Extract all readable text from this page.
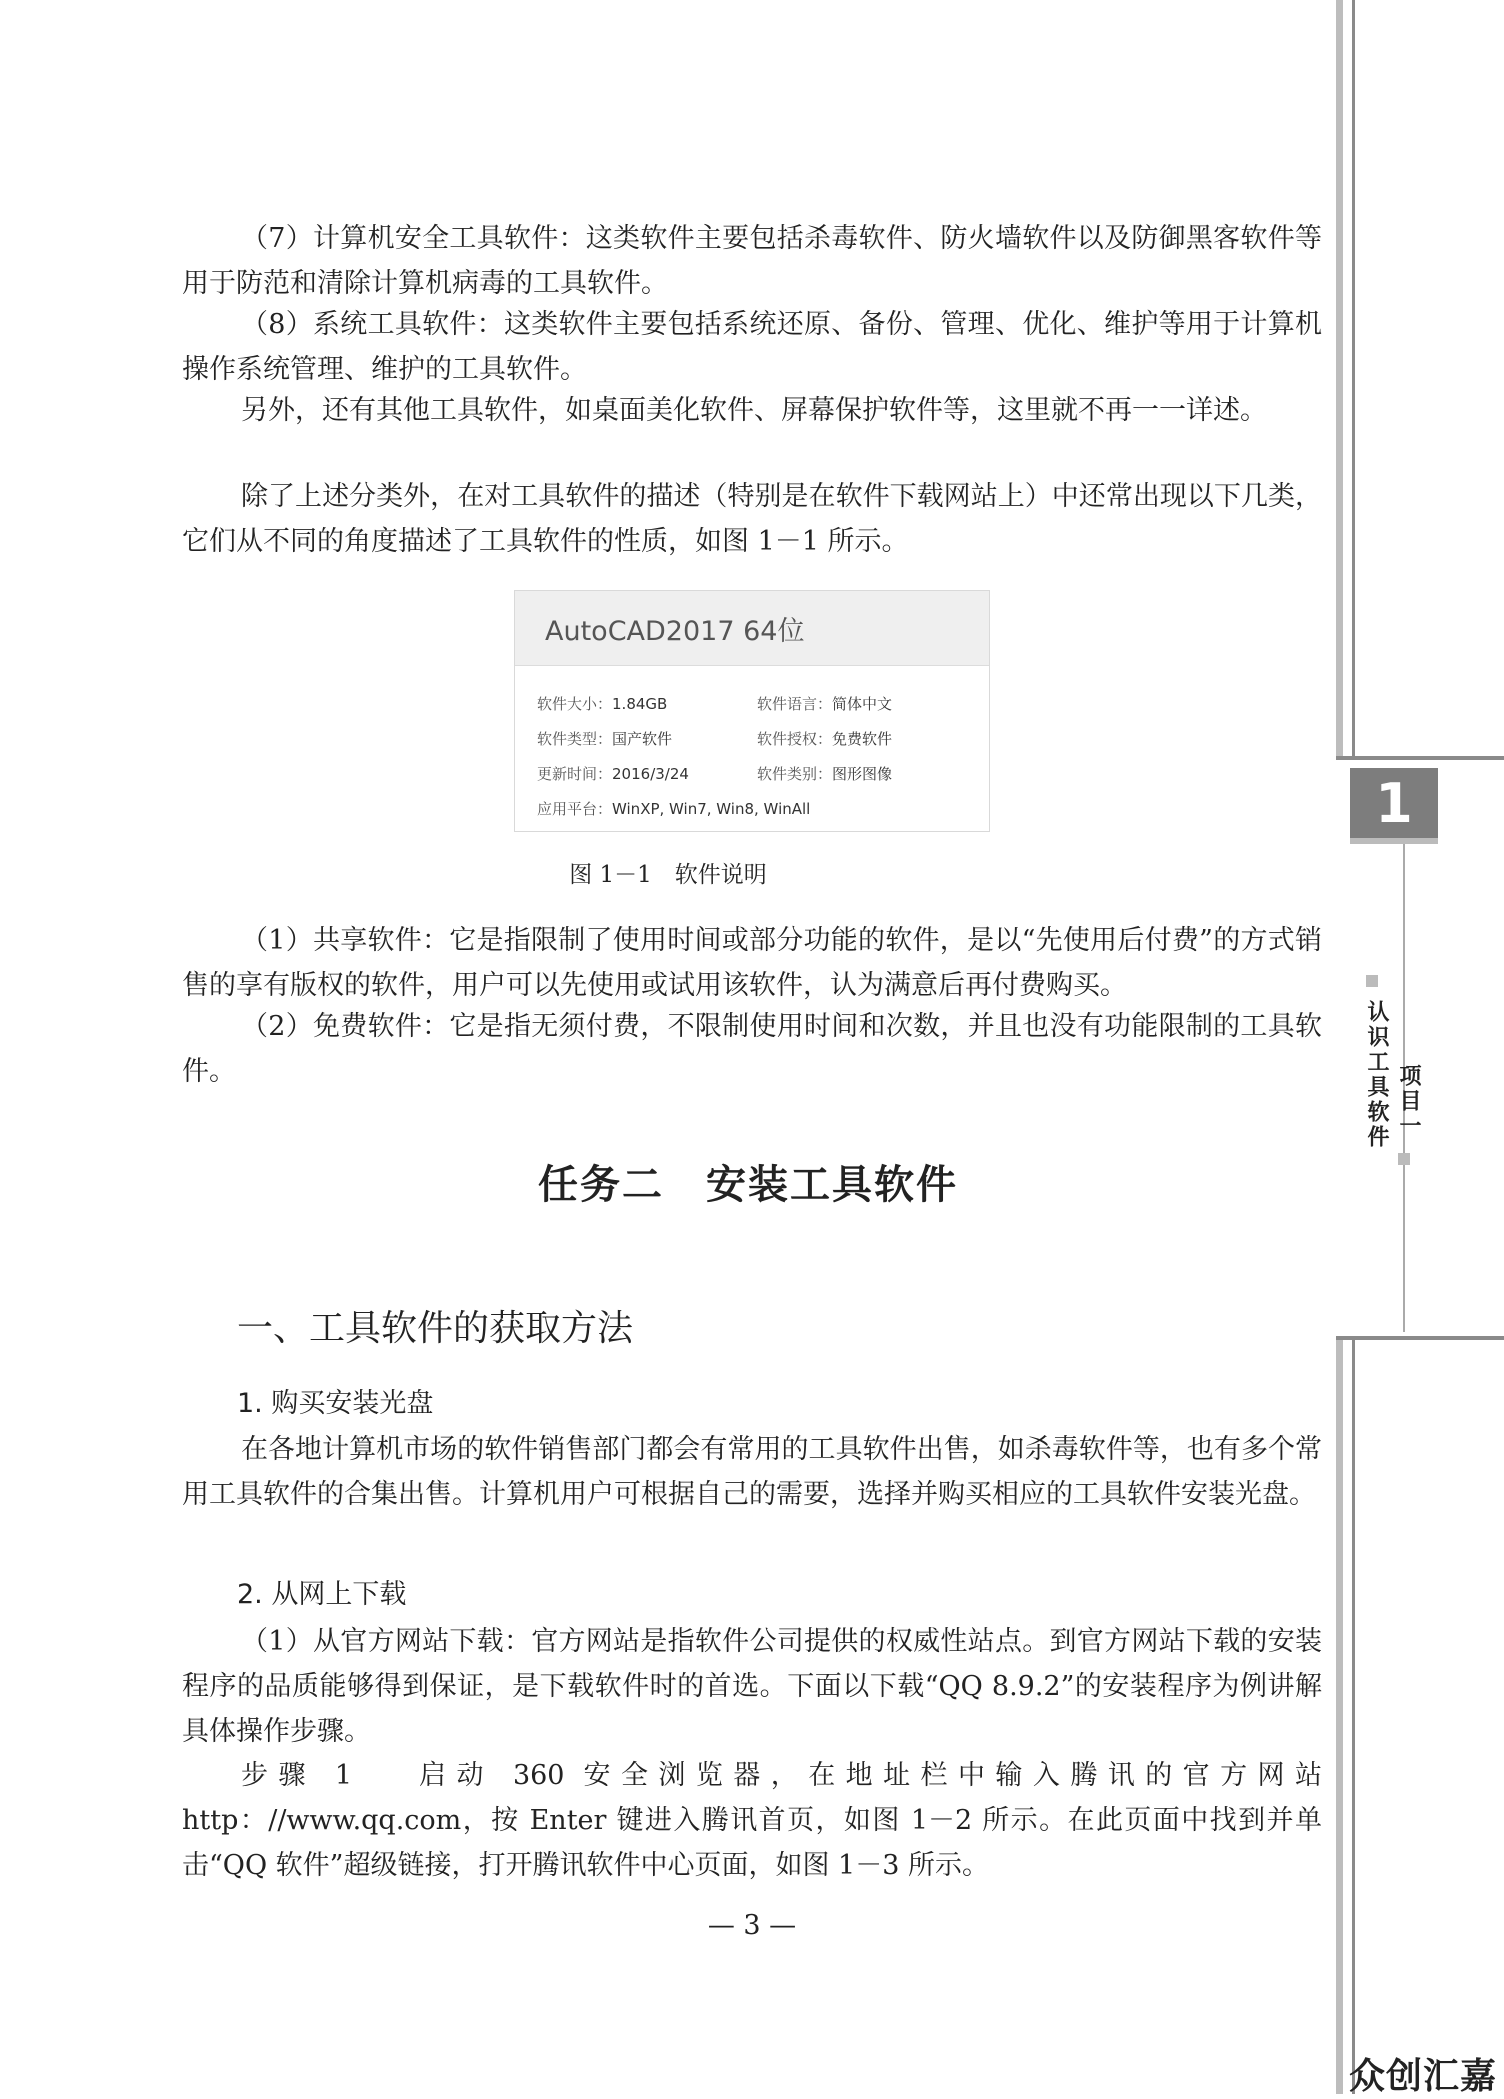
（7）计算机安全工具软件：这类软件主要包括杀毒软件、防火墙软件以及防御黑客软件等用于防范和清除计算机病毒的工具软件。

（8）系统工具软件：这类软件主要包括系统还原、备份、管理、优化、维护等用于计算机操作系统管理、维护的工具软件。

另外，还有其他工具软件，如桌面美化软件、屏幕保护软件等，这里就不再一一详述。

除了上述分类外，在对工具软件的描述（特别是在软件下载网站上）中还常出现以下几类，它们从不同的角度描述了工具软件的性质，如图 1－1 所示。

AutoCAD2017 64位
软件大小：1.84GB	软件语言：简体中文
软件类型：国产软件	软件授权：免费软件
更新时间：2016/3/24	软件类别：图形图像
应用平台：WinXP, Win7, Win8, WinAll
图 1－1　软件说明

（1）共享软件：它是指限制了使用时间或部分功能的软件，是以“先使用后付费”的方式销售的享有版权的软件，用户可以先使用或试用该软件，认为满意后再付费购买。

（2）免费软件：它是指无须付费，不限制使用时间和次数，并且也没有功能限制的工具软件。

任务二　安装工具软件
一、工具软件的获取方法
1. 购买安装光盘

在各地计算机市场的软件销售部门都会有常用的工具软件出售，如杀毒软件等，也有多个常用工具软件的合集出售。计算机用户可根据自己的需要，选择并购买相应的工具软件安装光盘。

2. 从网上下载

（1）从官方网站下载：官方网站是指软件公司提供的权威性站点。到官方网站下载的安装程序的品质能够得到保证，是下载软件时的首选。下面以下载“QQ 8.9.2”的安装程序为例讲解具体操作步骤。

步骤 1　 启动 360 安全浏览器，在地址栏中输入腾讯的官方网站 http：//www.qq.com，按 Enter 键进入腾讯首页，如图 1－2 所示。在此页面中找到并单击“QQ 软件”超级链接，打开腾讯软件中心页面，如图 1－3 所示。

— 3 —
1
认识工具软件 项目一
众创汇嘉
